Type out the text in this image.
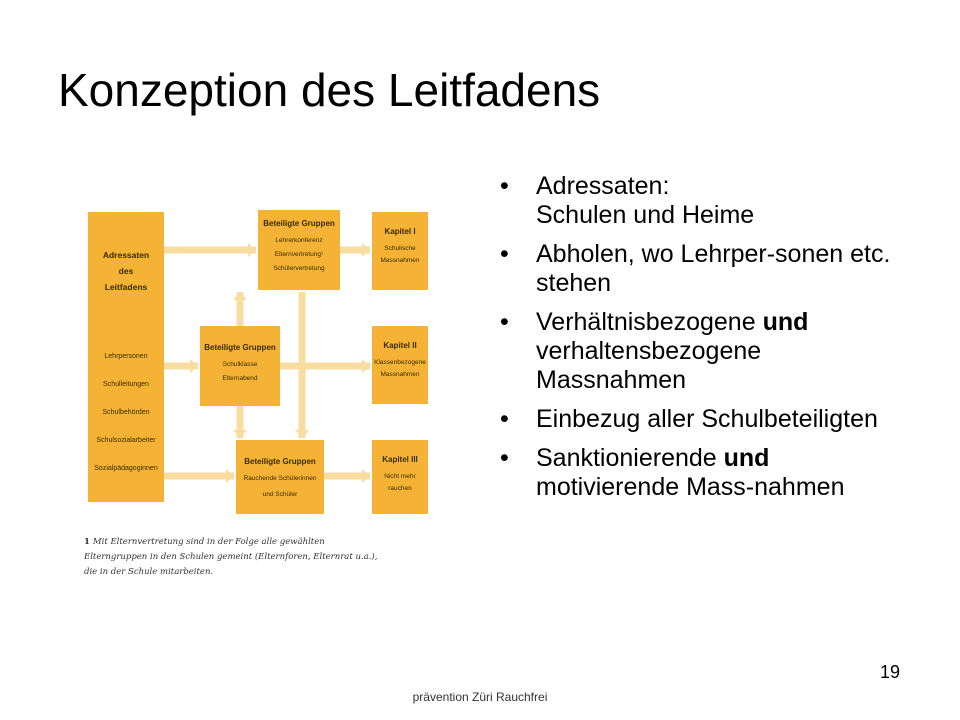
Konzeption des Leitfadens
Adressaten
des
Leitfadens
Lehrpersonen
Schulleitungen
Schulbehörden
Schulsozialarbeiter
Sozialpädagoginnen
Beteiligte Gruppen
Lehrerkonferenz
Elternvertretung¹
Schülervertretung
Beteiligte Gruppen
Schulklasse
Elternabend
Beteiligte Gruppen
Rauchende Schülerinnen
und Schüler
Kapitel I
Schulische
Massnahmen
Kapitel II
Klassenbezogene
Massnahmen
Kapitel III
Nicht mehr
rauchen
1 Mit Elternvertretung sind in der Folge alle gewählten Elterngruppen in den Schulen gemeint (Elternforen, Elternrat u.a.), die in der Schule mitarbeiten.
• Adressaten:
Schulen und Heime
• Abholen, wo Lehrper-sonen etc. stehen
• Verhältnisbezogene und verhaltensbezogene Massnahmen
• Einbezug aller Schulbeteiligten
• Sanktionierende und motivierende Mass-nahmen
19
prävention Züri Rauchfrei
